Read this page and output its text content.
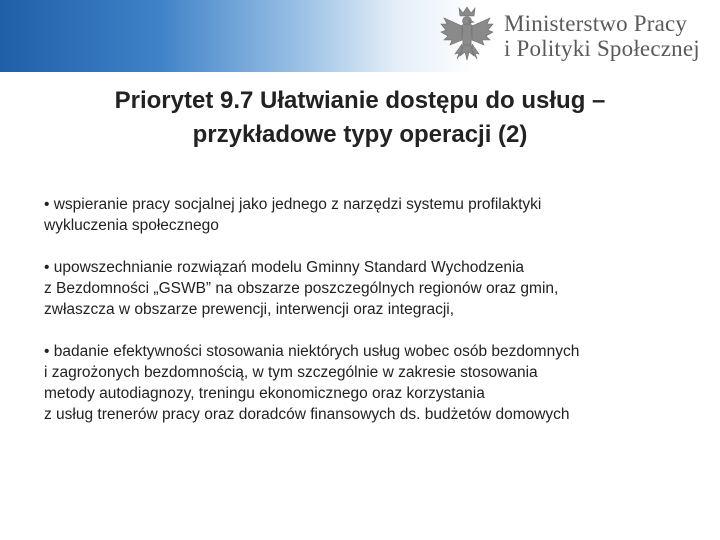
Ministerstwo Pracy
i Polityki Społecznej
Priorytet 9.7 Ułatwianie dostępu do usług –
przykładowe typy operacji (2)
• wspieranie pracy socjalnej jako jednego z narzędzi systemu profilaktyki
wykluczenia społecznego
• upowszechnianie rozwiązań modelu Gminny Standard Wychodzenia
z Bezdomności „GSWB” na obszarze poszczególnych regionów oraz gmin,
zwłaszcza w obszarze prewencji, interwencji oraz integracji,
• badanie efektywności stosowania niektórych usług wobec osób bezdomnych
i zagrożonych bezdomnością, w tym szczególnie w zakresie stosowania
metody autodiagnozy, treningu ekonomicznego oraz korzystania
z usług trenerów pracy oraz doradców finansowych ds. budżetów domowych
